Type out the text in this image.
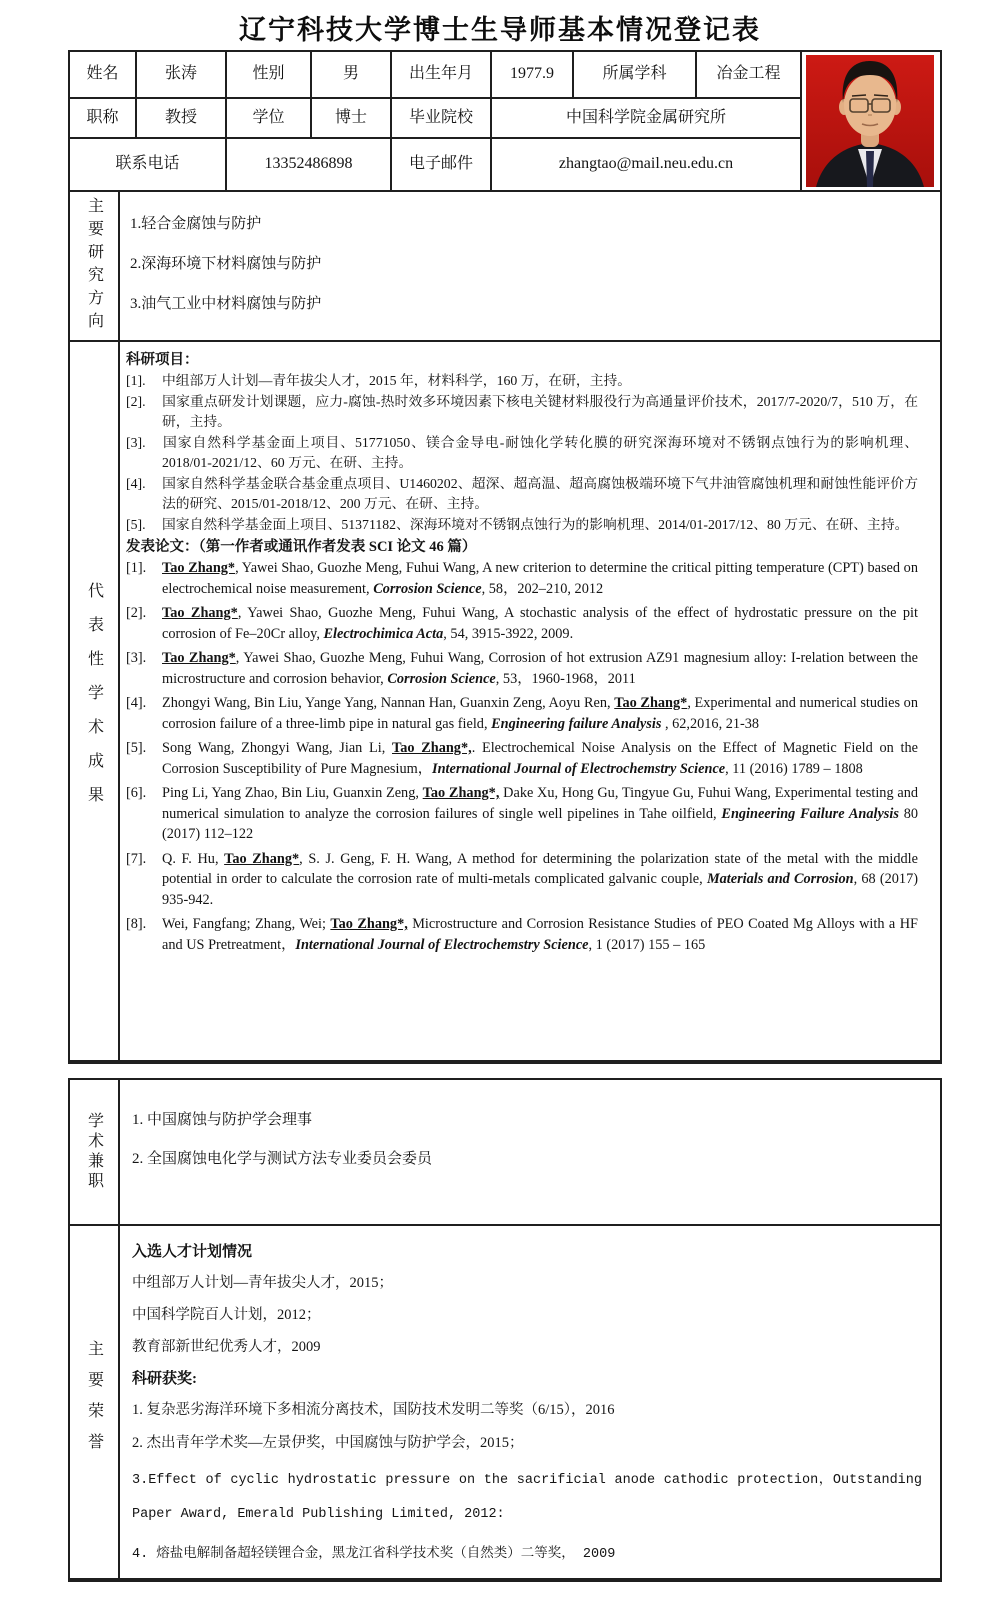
辽宁科技大学博士生导师基本情况登记表
姓名	张涛	性别	男	出生年月	1977.9	所属学科	冶金工程
职称	教授	学位	博士	毕业院校	中国科学院金属研究所
联系电话	13352486898	电子邮件	zhangtao@mail.neu.edu.cn
主要研究方向 1.轻合金腐蚀与防护
2.深海环境下材料腐蚀与防护
3.油气工业中材料腐蚀与防护
代表性学术成果
科研项目：

[1]. 中组部万人计划—青年拔尖人才，2015 年，材料科学，160 万，在研，主持。

[2]. 国家重点研发计划课题，应力-腐蚀-热时效多环境因素下核电关键材料服役行为高通量评价技术，2017/7-2020/7，510 万，在研，主持。

[3]. 国家自然科学基金面上项目、51771050、镁合金导电-耐蚀化学转化膜的研究深海环境对不锈钢点蚀行为的影响机理、2018/01-2021/12、60 万元、在研、主持。

[4]. 国家自然科学基金联合基金重点项目、U1460202、超深、超高温、超高腐蚀极端环境下气井油管腐蚀机理和耐蚀性能评价方法的研究、2015/01-2018/12、200 万元、在研、主持。

[5]. 国家自然科学基金面上项目、51371182、深海环境对不锈钢点蚀行为的影响机理、2014/01-2017/12、80 万元、在研、主持。

发表论文：（第一作者或通讯作者发表 SCI 论文 46 篇）

[1]. Tao Zhang*, Yawei Shao, Guozhe Meng, Fuhui Wang, A new criterion to determine the critical pitting temperature (CPT) based on electrochemical noise measurement, Corrosion Science, 58，202–210, 2012

[2]. Tao Zhang*, Yawei Shao, Guozhe Meng, Fuhui Wang, A stochastic analysis of the effect of hydrostatic pressure on the pit corrosion of Fe–20Cr alloy, Electrochimica Acta, 54, 3915-3922, 2009.

[3]. Tao Zhang*, Yawei Shao, Guozhe Meng, Fuhui Wang, Corrosion of hot extrusion AZ91 magnesium alloy: I-relation between the microstructure and corrosion behavior, Corrosion Science, 53，1960-1968，2011

[4]. Zhongyi Wang, Bin Liu, Yange Yang, Nannan Han, Guanxin Zeng, Aoyu Ren, Tao Zhang*, Experimental and numerical studies on corrosion failure of a three-limb pipe in natural gas field, Engineering failure Analysis , 62,2016, 21-38

[5]. Song Wang, Zhongyi Wang, Jian Li, Tao Zhang*,. Electrochemical Noise Analysis on the Effect of Magnetic Field on the Corrosion Susceptibility of Pure Magnesium，International Journal of Electrochemstry Science, 11 (2016) 1789 – 1808

[6]. Ping Li, Yang Zhao, Bin Liu, Guanxin Zeng, Tao Zhang*, Dake Xu, Hong Gu, Tingyue Gu, Fuhui Wang, Experimental testing and numerical simulation to analyze the corrosion failures of single well pipelines in Tahe oilfield, Engineering Failure Analysis 80 (2017) 112–122

[7]. Q. F. Hu, Tao Zhang*, S. J. Geng, F. H. Wang, A method for determining the polarization state of the metal with the middle potential in order to calculate the corrosion rate of multi-metals complicated galvanic couple, Materials and Corrosion, 68 (2017) 935-942.

[8]. Wei, Fangfang; Zhang, Wei; Tao Zhang*, Microstructure and Corrosion Resistance Studies of PEO Coated Mg Alloys with a HF and US Pretreatment，International Journal of Electrochemstry Science, 1 (2017) 155 – 165

学术兼职 1. 中国腐蚀与防护学会理事
2. 全国腐蚀电化学与测试方法专业委员会委员
主要荣誉
入选人才计划情况
中组部万人计划—青年拔尖人才，2015；
中国科学院百人计划，2012；
教育部新世纪优秀人才，2009
科研获奖:
1. 复杂恶劣海洋环境下多相流分离技术，国防技术发明二等奖（6/15），2016
2. 杰出青年学术奖—左景伊奖，中国腐蚀与防护学会，2015；
3.Effect of cyclic hydrostatic pressure on the sacrificial anode cathodic protection，Outstanding Paper Award, Emerald Publishing Limited, 2012:
4. 熔盐电解制备超轻镁锂合金，黑龙江省科学技术奖（自然类）二等奖， 2009
